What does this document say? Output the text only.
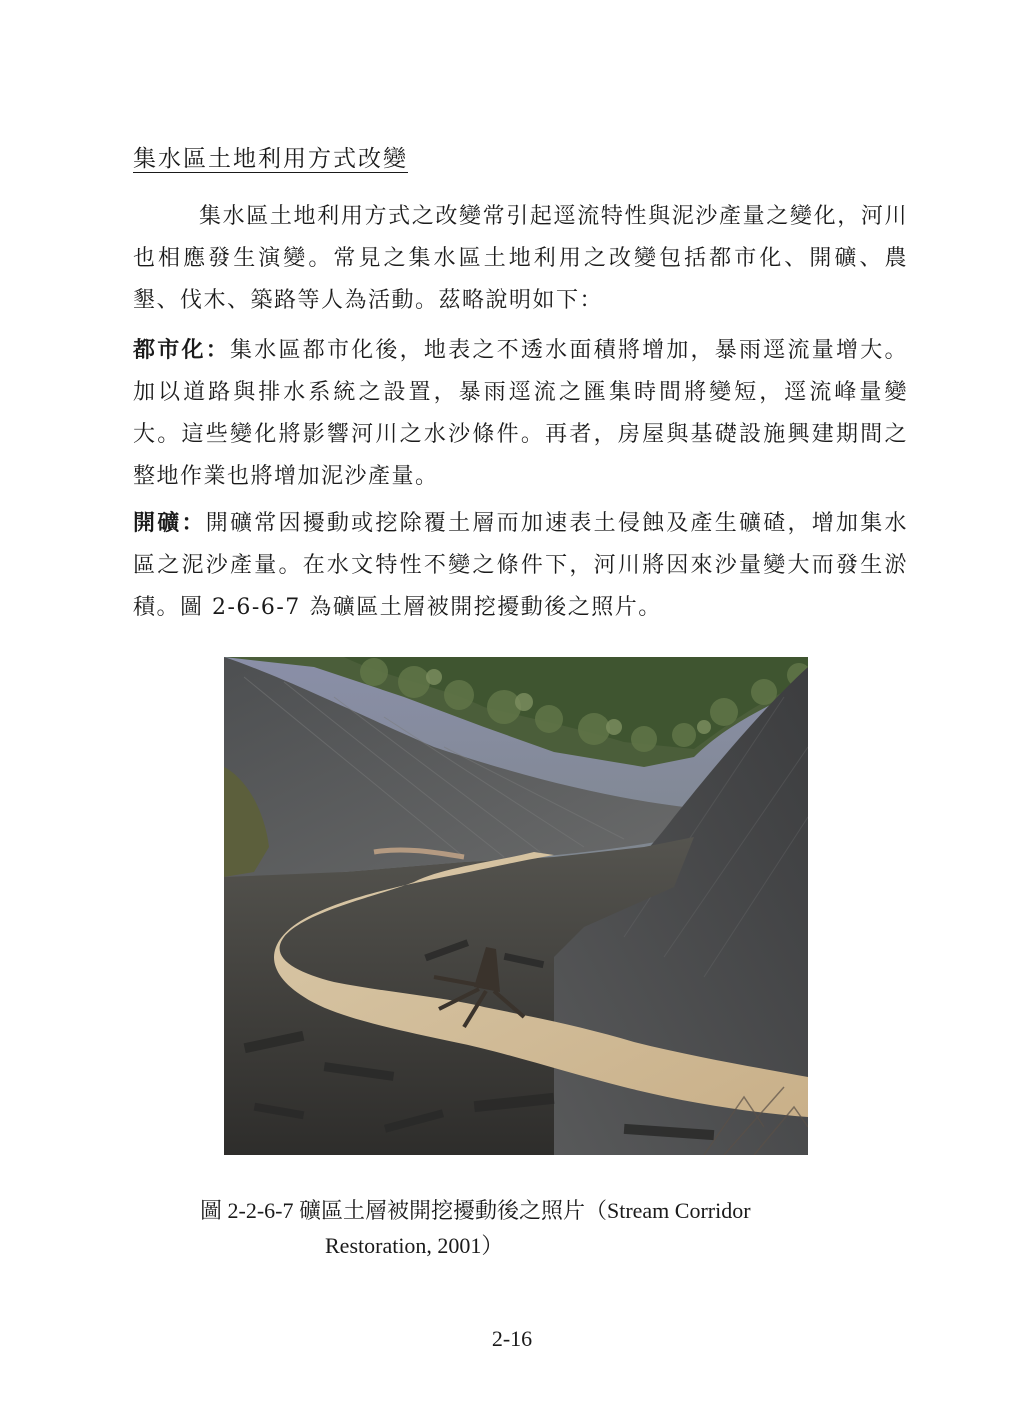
集水區土地利用方式改變

集水區土地利用方式之改變常引起逕流特性與泥沙產量之變化，河川也相應發生演變。常見之集水區土地利用之改變包括都市化、開礦、農墾、伐木、築路等人為活動。茲略說明如下：

都市化：集水區都市化後，地表之不透水面積將增加，暴雨逕流量增大。加以道路與排水系統之設置，暴雨逕流之匯集時間將變短，逕流峰量變大。這些變化將影響河川之水沙條件。再者，房屋與基礎設施興建期間之整地作業也將增加泥沙產量。

開礦：開礦常因擾動或挖除覆土層而加速表土侵蝕及產生礦碴，增加集水區之泥沙產量。在水文特性不變之條件下，河川將因來沙量變大而發生淤積。圖 2-6-6-7 為礦區土層被開挖擾動後之照片。

圖 2-2-6-7 礦區土層被開挖擾動後之照片（Stream Corridor
Restoration, 2001）
2-16
